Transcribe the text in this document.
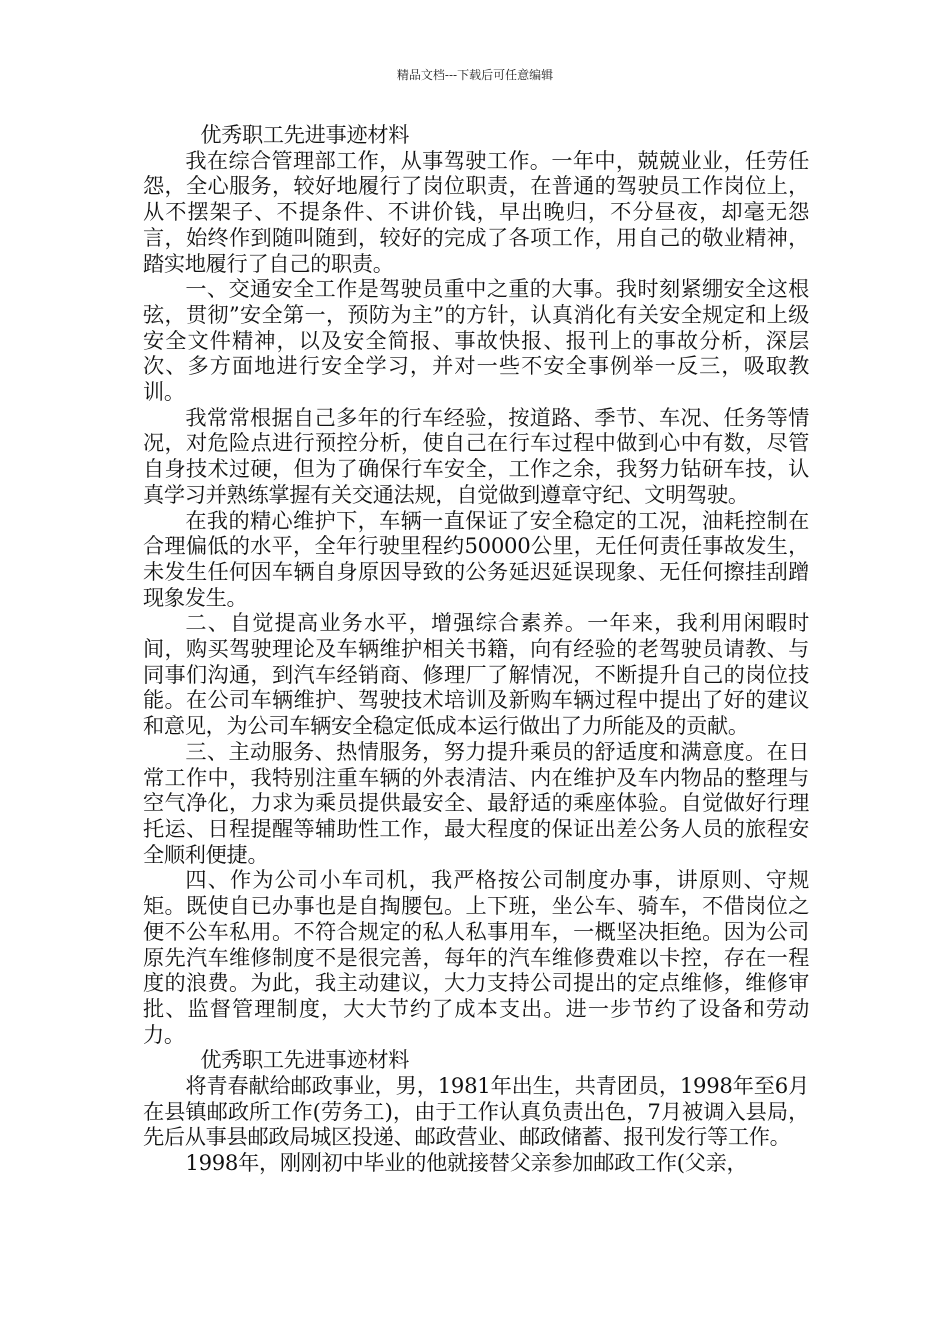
精品文档---下载后可任意编辑

优秀职工先进事迹材料

我在综合管理部工作，从事驾驶工作。一年中，兢兢业业，任劳任怨，全心服务，较好地履行了岗位职责，在普通的驾驶员工作岗位上，从不摆架子、不提条件、不讲价钱，早出晚归，不分昼夜，却毫无怨言，始终作到随叫随到，较好的完成了各项工作，用自己的敬业精神，踏实地履行了自己的职责。

一、交通安全工作是驾驶员重中之重的大事。我时刻紧绷安全这根弦，贯彻”安全第一，预防为主”的方针，认真消化有关安全规定和上级安全文件精神，以及安全简报、事故快报、报刊上的事故分析，深层次、多方面地进行安全学习，并对一些不安全事例举一反三，吸取教训。

我常常根据自己多年的行车经验，按道路、季节、车况、任务等情况，对危险点进行预控分析，使自己在行车过程中做到心中有数，尽管自身技术过硬，但为了确保行车安全，工作之余，我努力钻研车技，认真学习并熟练掌握有关交通法规，自觉做到遵章守纪、文明驾驶。

在我的精心维护下，车辆一直保证了安全稳定的工况，油耗控制在合理偏低的水平，全年行驶里程约50000公里，无任何责任事故发生，未发生任何因车辆自身原因导致的公务延迟延误现象、无任何擦挂刮蹭现象发生。

二、自觉提高业务水平，增强综合素养。一年来，我利用闲暇时间，购买驾驶理论及车辆维护相关书籍，向有经验的老驾驶员请教、与同事们沟通，到汽车经销商、修理厂了解情况，不断提升自己的岗位技能。在公司车辆维护、驾驶技术培训及新购车辆过程中提出了好的建议和意见，为公司车辆安全稳定低成本运行做出了力所能及的贡献。

三、主动服务、热情服务，努力提升乘员的舒适度和满意度。在日常工作中，我特别注重车辆的外表清洁、内在维护及车内物品的整理与空气净化，力求为乘员提供最安全、最舒适的乘座体验。自觉做好行理托运、日程提醒等辅助性工作，最大程度的保证出差公务人员的旅程安全顺利便捷。

四、作为公司小车司机，我严格按公司制度办事，讲原则、守规矩。既使自已办事也是自掏腰包。上下班，坐公车、骑车，不借岗位之便不公车私用。不符合规定的私人私事用车，一概坚决拒绝。因为公司原先汽车维修制度不是很完善，每年的汽车维修费难以卡控，存在一程度的浪费。为此，我主动建议，大力支持公司提出的定点维修，维修审批、监督管理制度，大大节约了成本支出。进一步节约了设备和劳动力。

优秀职工先进事迹材料

将青春献给邮政事业，男，1981年出生，共青团员，1998年至6月在县镇邮政所工作(劳务工)，由于工作认真负责出色，7月被调入县局，先后从事县邮政局城区投递、邮政营业、邮政储蓄、报刊发行等工作。

1998年，刚刚初中毕业的他就接替父亲参加邮政工作(父亲，
